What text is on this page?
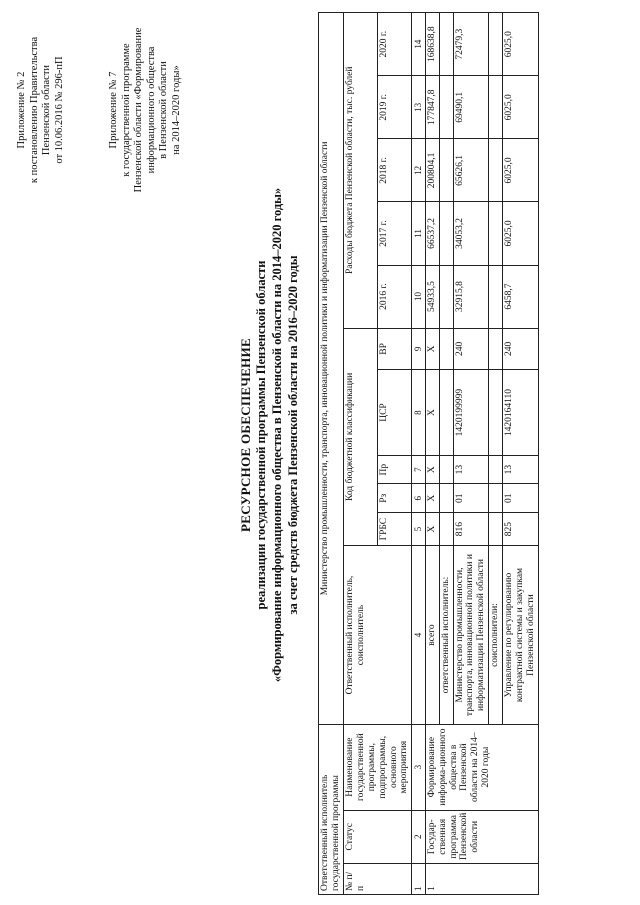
Приложение № 2 к постановлению Правительства Пензенской области от 10.06.2016 № 296-пП	Приложение № 7 к государственной программе Пензенской области «Формирование информационного общества в Пензенской области на 2014–2020 годы»
РЕСУРСНОЕ ОБЕСПЕЧЕНИЕ реализации государственной программы Пензенской области «Формирование информационного общества в Пензенской области на 2014–2020 годы» за счет средств бюджета Пензенской области на 2016–2020 годы
Ответственный исполнитель государственной программы			Министерство промышленности, транспорта, инновационной политики и информатизации Пензенской области										
№ п/п	Статус	Наименование государственной программы, подпрограммы, основного мероприятия	Ответственный исполнитель, соисполнитель	Код бюджетной классификации					Расходы бюджета Пензенской области, тыс. рублей				
				ГРБС	Рз	Пр	ЦСР	ВР	2016 г.	2017 г.	2018 г.	2019 г.	2020 г.
1	2	3	4	5	6	7	8	9	10	11	12	13	14
1	Государ-ственная программа Пензенской области	Формирование информа-ционного общества в Пензенской области на 2014–2020 годы	всего	X	X	X	X	X	54933,5	66537,2	200804,1	177847,8	168638,8
			ответственный исполнитель:										
			Министерство промышленности, транспорта, инновационной политики и информатизации Пензенской области	816	01	13	1420199999	240	32915,8	34053,2	65626,1	69490,1	72479,3
			соисполнители:										
			Управление по регулированию контрактной системы и закупкам Пензенской области	825	01	13	1420164110	240	6458,7	6025,0	6025,0	6025,0	6025,0
